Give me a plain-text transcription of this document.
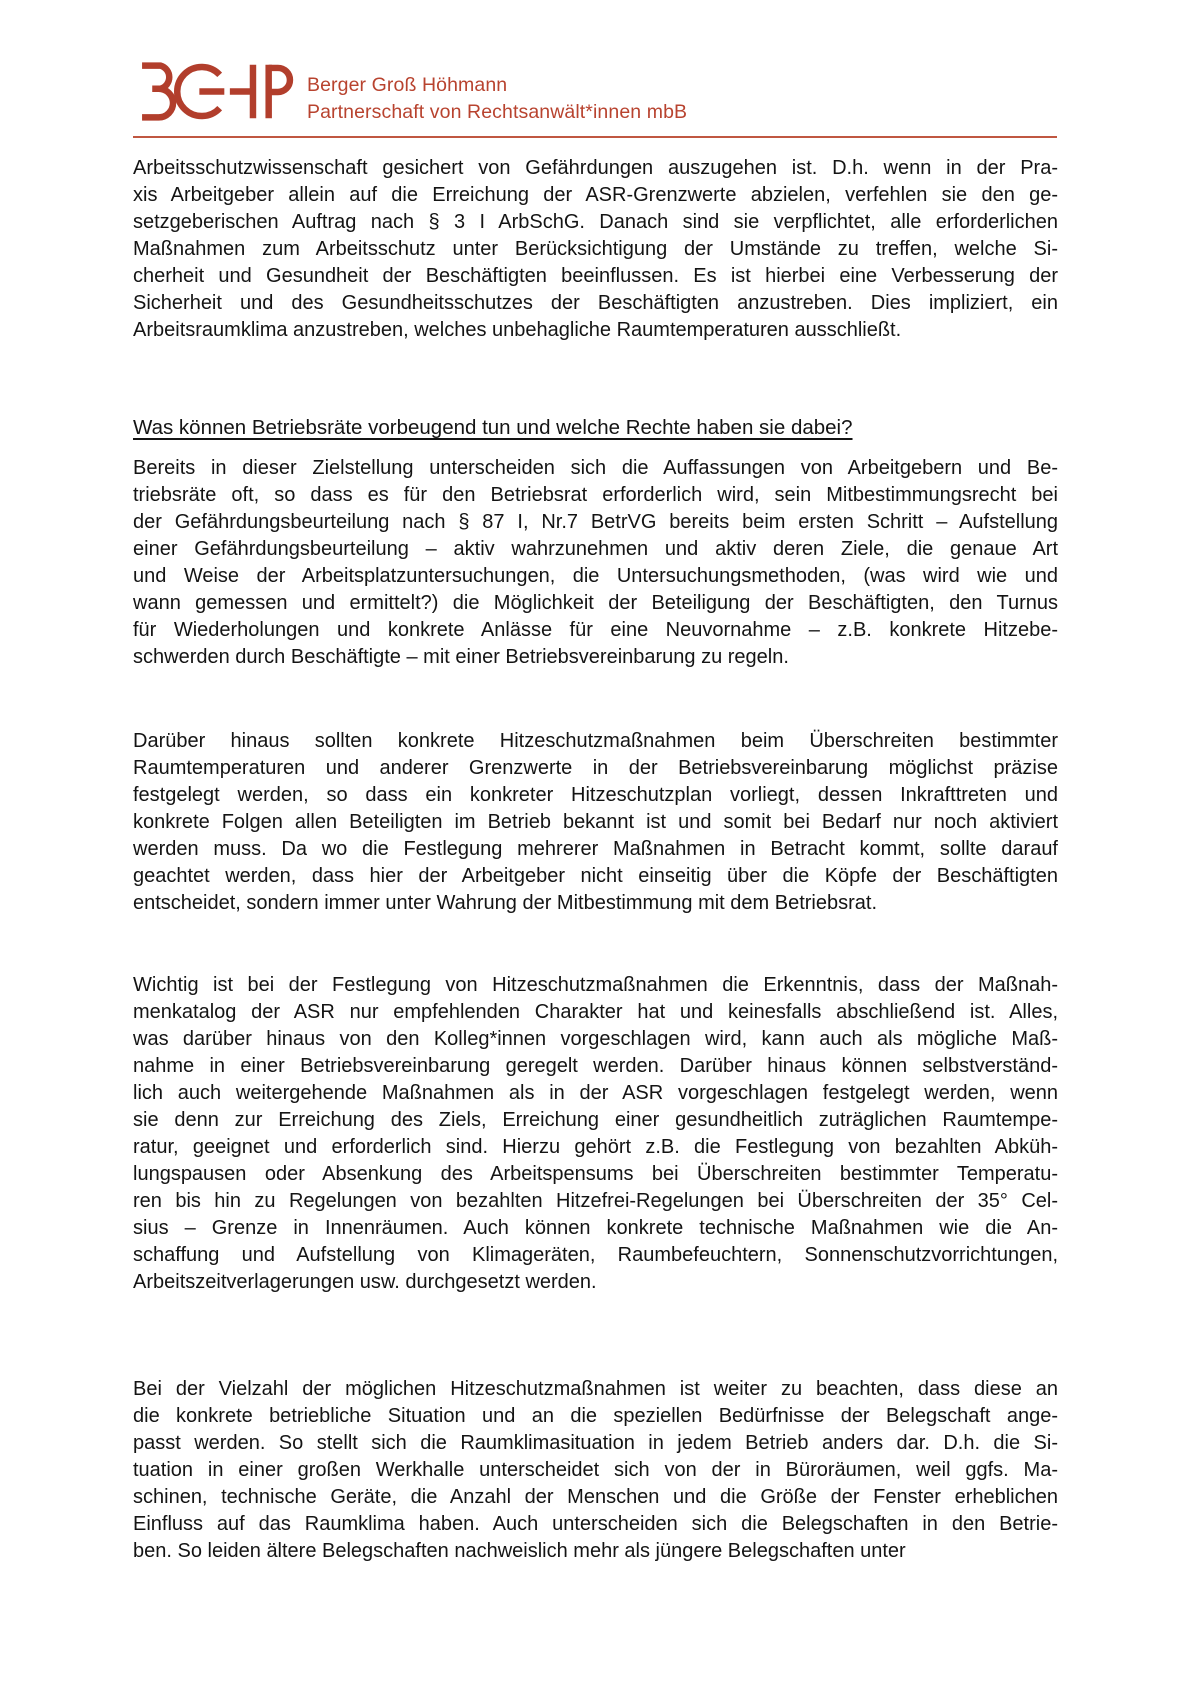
Berger Groß Höhmann
Partnerschaft von Rechtsanwält*innen mbB

Arbeitsschutzwissenschaft gesichert von Gefährdungen auszugehen ist. D.h. wenn in der Pra-
xis Arbeitgeber allein auf die Erreichung der ASR-Grenzwerte abzielen, verfehlen sie den ge-
setzgeberischen Auftrag nach § 3 I ArbSchG. Danach sind sie verpflichtet, alle erforderlichen
Maßnahmen zum Arbeitsschutz unter Berücksichtigung der Umstände zu treffen, welche Si-
cherheit und Gesundheit der Beschäftigten beeinflussen. Es ist hierbei eine Verbesserung der
Sicherheit und des Gesundheitsschutzes der Beschäftigten anzustreben. Dies impliziert, ein
Arbeitsraumklima anzustreben, welches unbehagliche Raumtemperaturen ausschließt.

Was können Betriebsräte vorbeugend tun und welche Rechte haben sie dabei?

Bereits in dieser Zielstellung unterscheiden sich die Auffassungen von Arbeitgebern und Be-
triebsräte oft, so dass es für den Betriebsrat erforderlich wird, sein Mitbestimmungsrecht bei
der Gefährdungsbeurteilung nach § 87 I, Nr.7 BetrVG bereits beim ersten Schritt – Aufstellung
einer Gefährdungsbeurteilung – aktiv wahrzunehmen und aktiv deren Ziele, die genaue Art
und Weise der Arbeitsplatzuntersuchungen, die Untersuchungsmethoden, (was wird wie und
wann gemessen und ermittelt?) die Möglichkeit der Beteiligung der Beschäftigten, den Turnus
für Wiederholungen und konkrete Anlässe für eine Neuvornahme – z.B. konkrete Hitzebe-
schwerden durch Beschäftigte – mit einer Betriebsvereinbarung zu regeln.

Darüber hinaus sollten konkrete Hitzeschutzmaßnahmen beim Überschreiten bestimmter
Raumtemperaturen und anderer Grenzwerte in der Betriebsvereinbarung möglichst präzise
festgelegt werden, so dass ein konkreter Hitzeschutzplan vorliegt, dessen Inkrafttreten und
konkrete Folgen allen Beteiligten im Betrieb bekannt ist und somit bei Bedarf nur noch aktiviert
werden muss. Da wo die Festlegung mehrerer Maßnahmen in Betracht kommt, sollte darauf
geachtet werden, dass hier der Arbeitgeber nicht einseitig über die Köpfe der Beschäftigten
entscheidet, sondern immer unter Wahrung der Mitbestimmung mit dem Betriebsrat.

Wichtig ist bei der Festlegung von Hitzeschutzmaßnahmen die Erkenntnis, dass der Maßnah-
menkatalog der ASR nur empfehlenden Charakter hat und keinesfalls abschließend ist. Alles,
was darüber hinaus von den Kolleg*innen vorgeschlagen wird, kann auch als mögliche Maß-
nahme in einer Betriebsvereinbarung geregelt werden. Darüber hinaus können selbstverständ-
lich auch weitergehende Maßnahmen als in der ASR vorgeschlagen festgelegt werden, wenn
sie denn zur Erreichung des Ziels, Erreichung einer gesundheitlich zuträglichen Raumtempe-
ratur, geeignet und erforderlich sind. Hierzu gehört z.B. die Festlegung von bezahlten Abküh-
lungspausen oder Absenkung des Arbeitspensums bei Überschreiten bestimmter Temperatu-
ren bis hin zu Regelungen von bezahlten Hitzefrei-Regelungen bei Überschreiten der 35° Cel-
sius – Grenze in Innenräumen. Auch können konkrete technische Maßnahmen wie die An-
schaffung und Aufstellung von Klimageräten, Raumbefeuchtern, Sonnenschutzvorrichtungen,
Arbeitszeitverlagerungen usw. durchgesetzt werden.

Bei der Vielzahl der möglichen Hitzeschutzmaßnahmen ist weiter zu beachten, dass diese an
die konkrete betriebliche Situation und an die speziellen Bedürfnisse der Belegschaft ange-
passt werden. So stellt sich die Raumklimasituation in jedem Betrieb anders dar. D.h. die Si-
tuation in einer großen Werkhalle unterscheidet sich von der in Büroräumen, weil ggfs. Ma-
schinen, technische Geräte, die Anzahl der Menschen und die Größe der Fenster erheblichen
Einfluss auf das Raumklima haben. Auch unterscheiden sich die Belegschaften in den Betrie-
ben. So leiden ältere Belegschaften nachweislich mehr als jüngere Belegschaften unter
